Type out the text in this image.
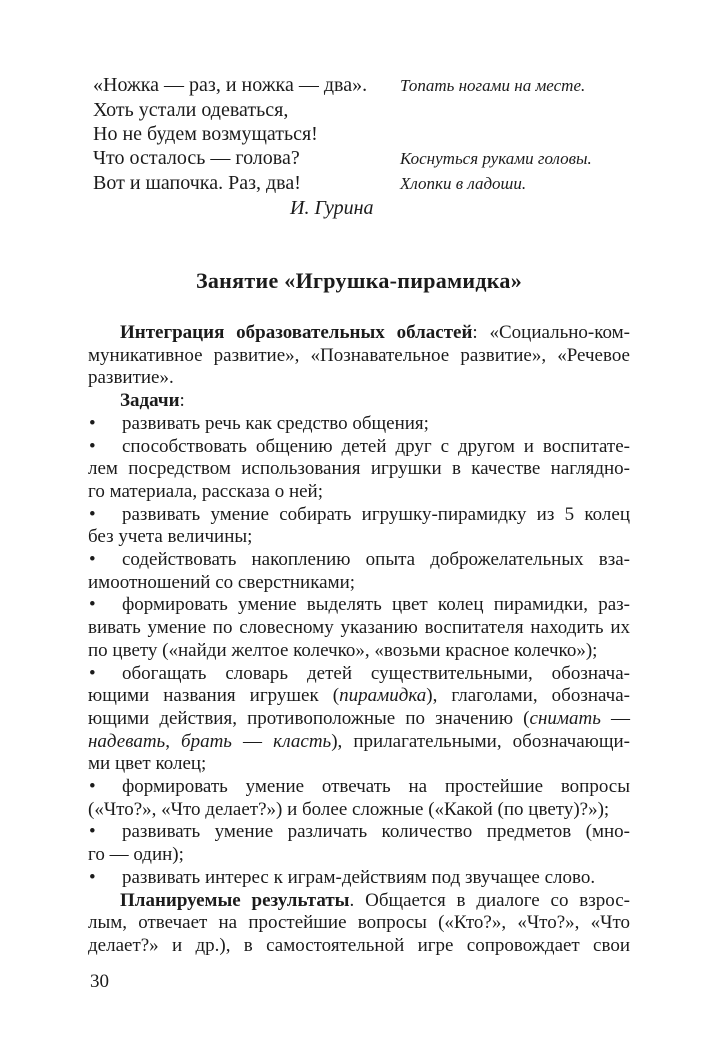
«Ножка — раз, и ножка — два».	Топать ногами на месте.
Хоть устали одеваться,
Но не будем возмущаться!
Что осталось — голова?	Коснуться руками головы.
Вот и шапочка. Раз, два!	Хлопки в ладоши.
И. Гурина
Занятие «Игрушка-пирамидка»
Интеграция образовательных областей: «Социально-ком-
муникативное развитие», «Познавательное развитие», «Речевое
развитие».
Задачи:
• развивать речь как средство общения;
• способствовать общению детей друг с другом и воспитате-
лем посредством использования игрушки в качестве наглядно-
го материала, рассказа о ней;
• развивать умение собирать игрушку-пирамидку из 5 колец
без учета величины;
• содействовать накоплению опыта доброжелательных вза-
имоотношений со сверстниками;
• формировать умение выделять цвет колец пирамидки, раз-
вивать умение по словесному указанию воспитателя находить их
по цвету («найди желтое колечко», «возьми красное колечко»);
• обогащать словарь детей существительными, обознача-
ющими названия игрушек (пирамидка), глаголами, обознача-
ющими действия, противоположные по значению (снимать —
надевать, брать — класть), прилагательными, обозначающи-
ми цвет колец;
• формировать умение отвечать на простейшие вопросы
(«Что?», «Что делает?») и более сложные («Какой (по цвету)?»);
• развивать умение различать количество предметов (мно-
го — один);
• развивать интерес к играм-действиям под звучащее слово.
Планируемые результаты. Общается в диалоге со взрос-
лым, отвечает на простейшие вопросы («Кто?», «Что?», «Что
делает?» и др.), в самостоятельной игре сопровождает свои
30
